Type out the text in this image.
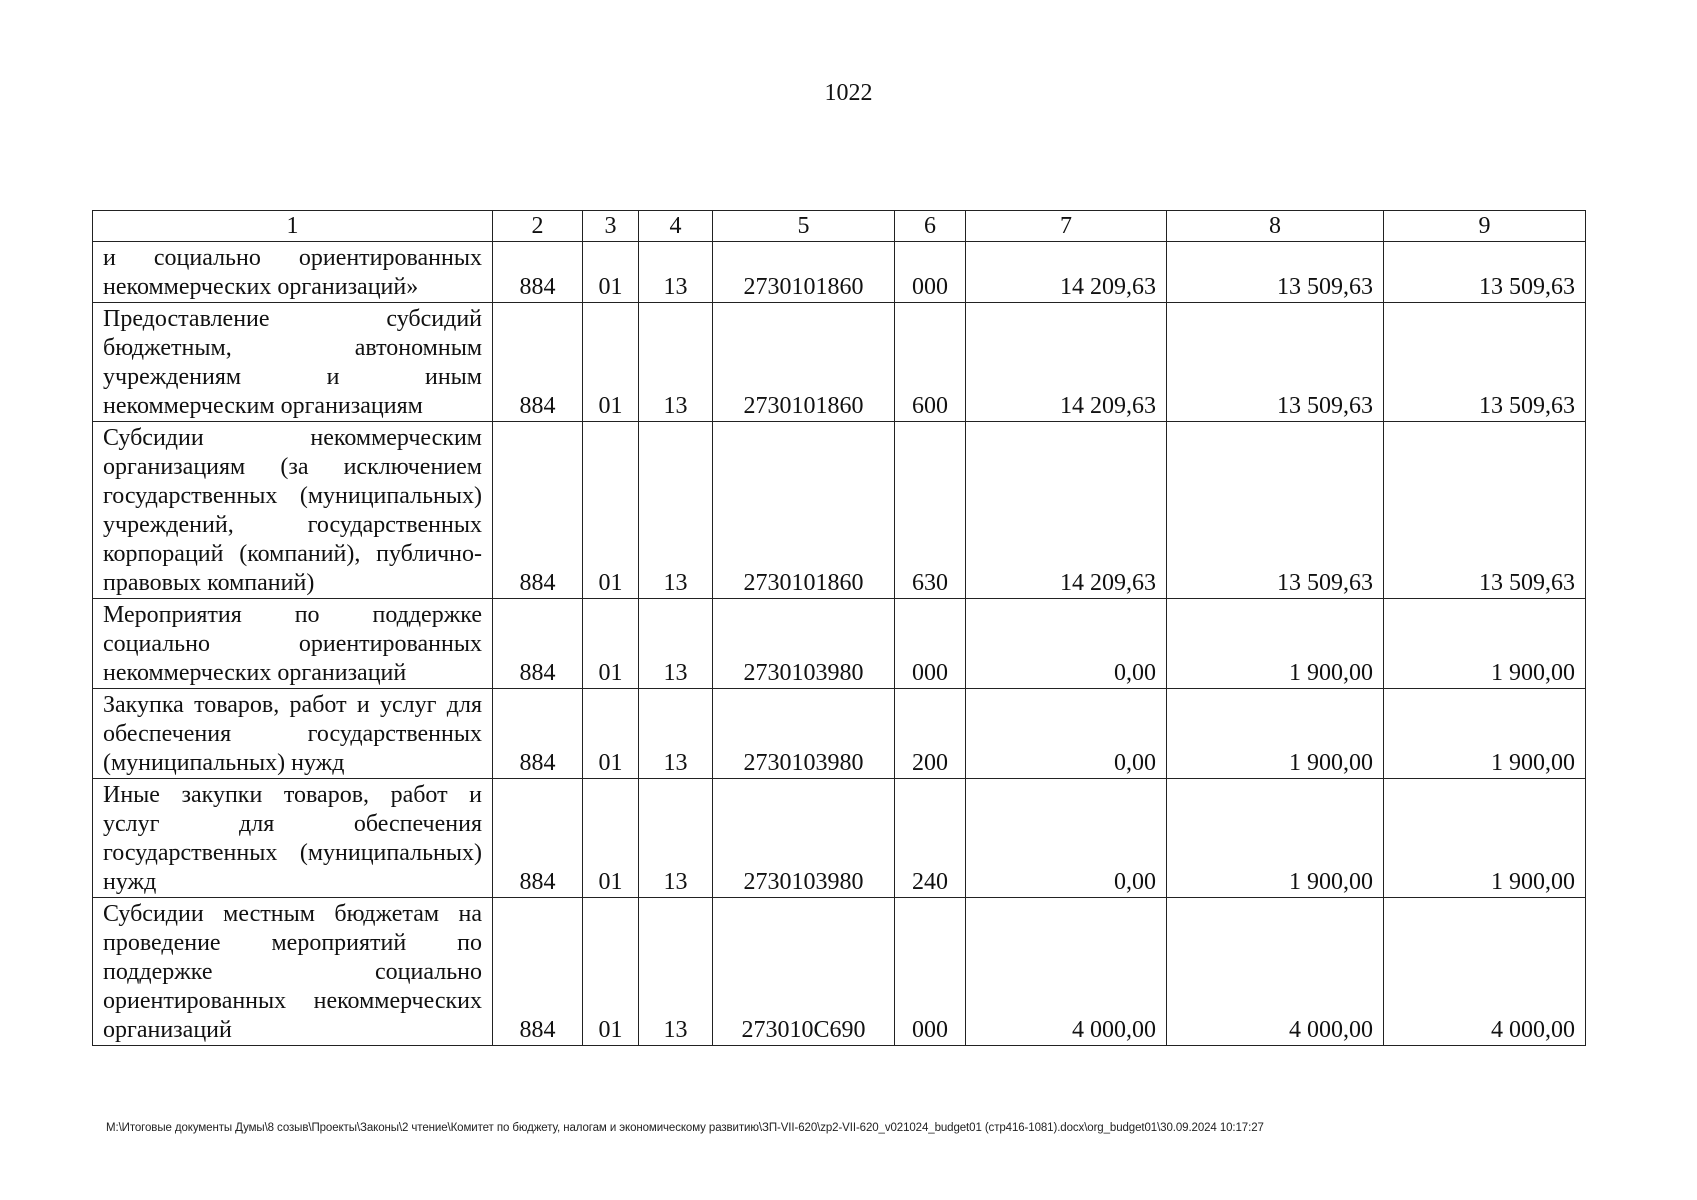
1022
1	2	3	4	5	6	7	8	9
и социально ориентированных некоммерческих организаций»	884	01	13	2730101860	000	14 209,63	13 509,63	13 509,63
Предоставление субсидий бюджетным, автономным учреждениям и иным некоммерческим организациям	884	01	13	2730101860	600	14 209,63	13 509,63	13 509,63
Субсидии некоммерческим организациям (за исключением государственных (муниципальных) учреждений, государственных корпораций (компаний), публично-правовых компаний)	884	01	13	2730101860	630	14 209,63	13 509,63	13 509,63
Мероприятия по поддержке социально ориентированных некоммерческих организаций	884	01	13	2730103980	000	0,00	1 900,00	1 900,00
Закупка товаров, работ и услуг для обеспечения государственных (муниципальных) нужд	884	01	13	2730103980	200	0,00	1 900,00	1 900,00
Иные закупки товаров, работ и услуг для обеспечения государственных (муниципальных) нужд	884	01	13	2730103980	240	0,00	1 900,00	1 900,00
Субсидии местным бюджетам на проведение мероприятий по поддержке социально ориентированных некоммерческих организаций	884	01	13	273010С690	000	4 000,00	4 000,00	4 000,00
M:\Итоговые документы Думы\8 созыв\Проекты\Законы\2 чтение\Комитет по бюджету, налогам и экономическому развитию\ЗП-VII-620\zp2-VII-620_v021024_budget01 (стр416-1081).docx\org_budget01\30.09.2024 10:17:27
